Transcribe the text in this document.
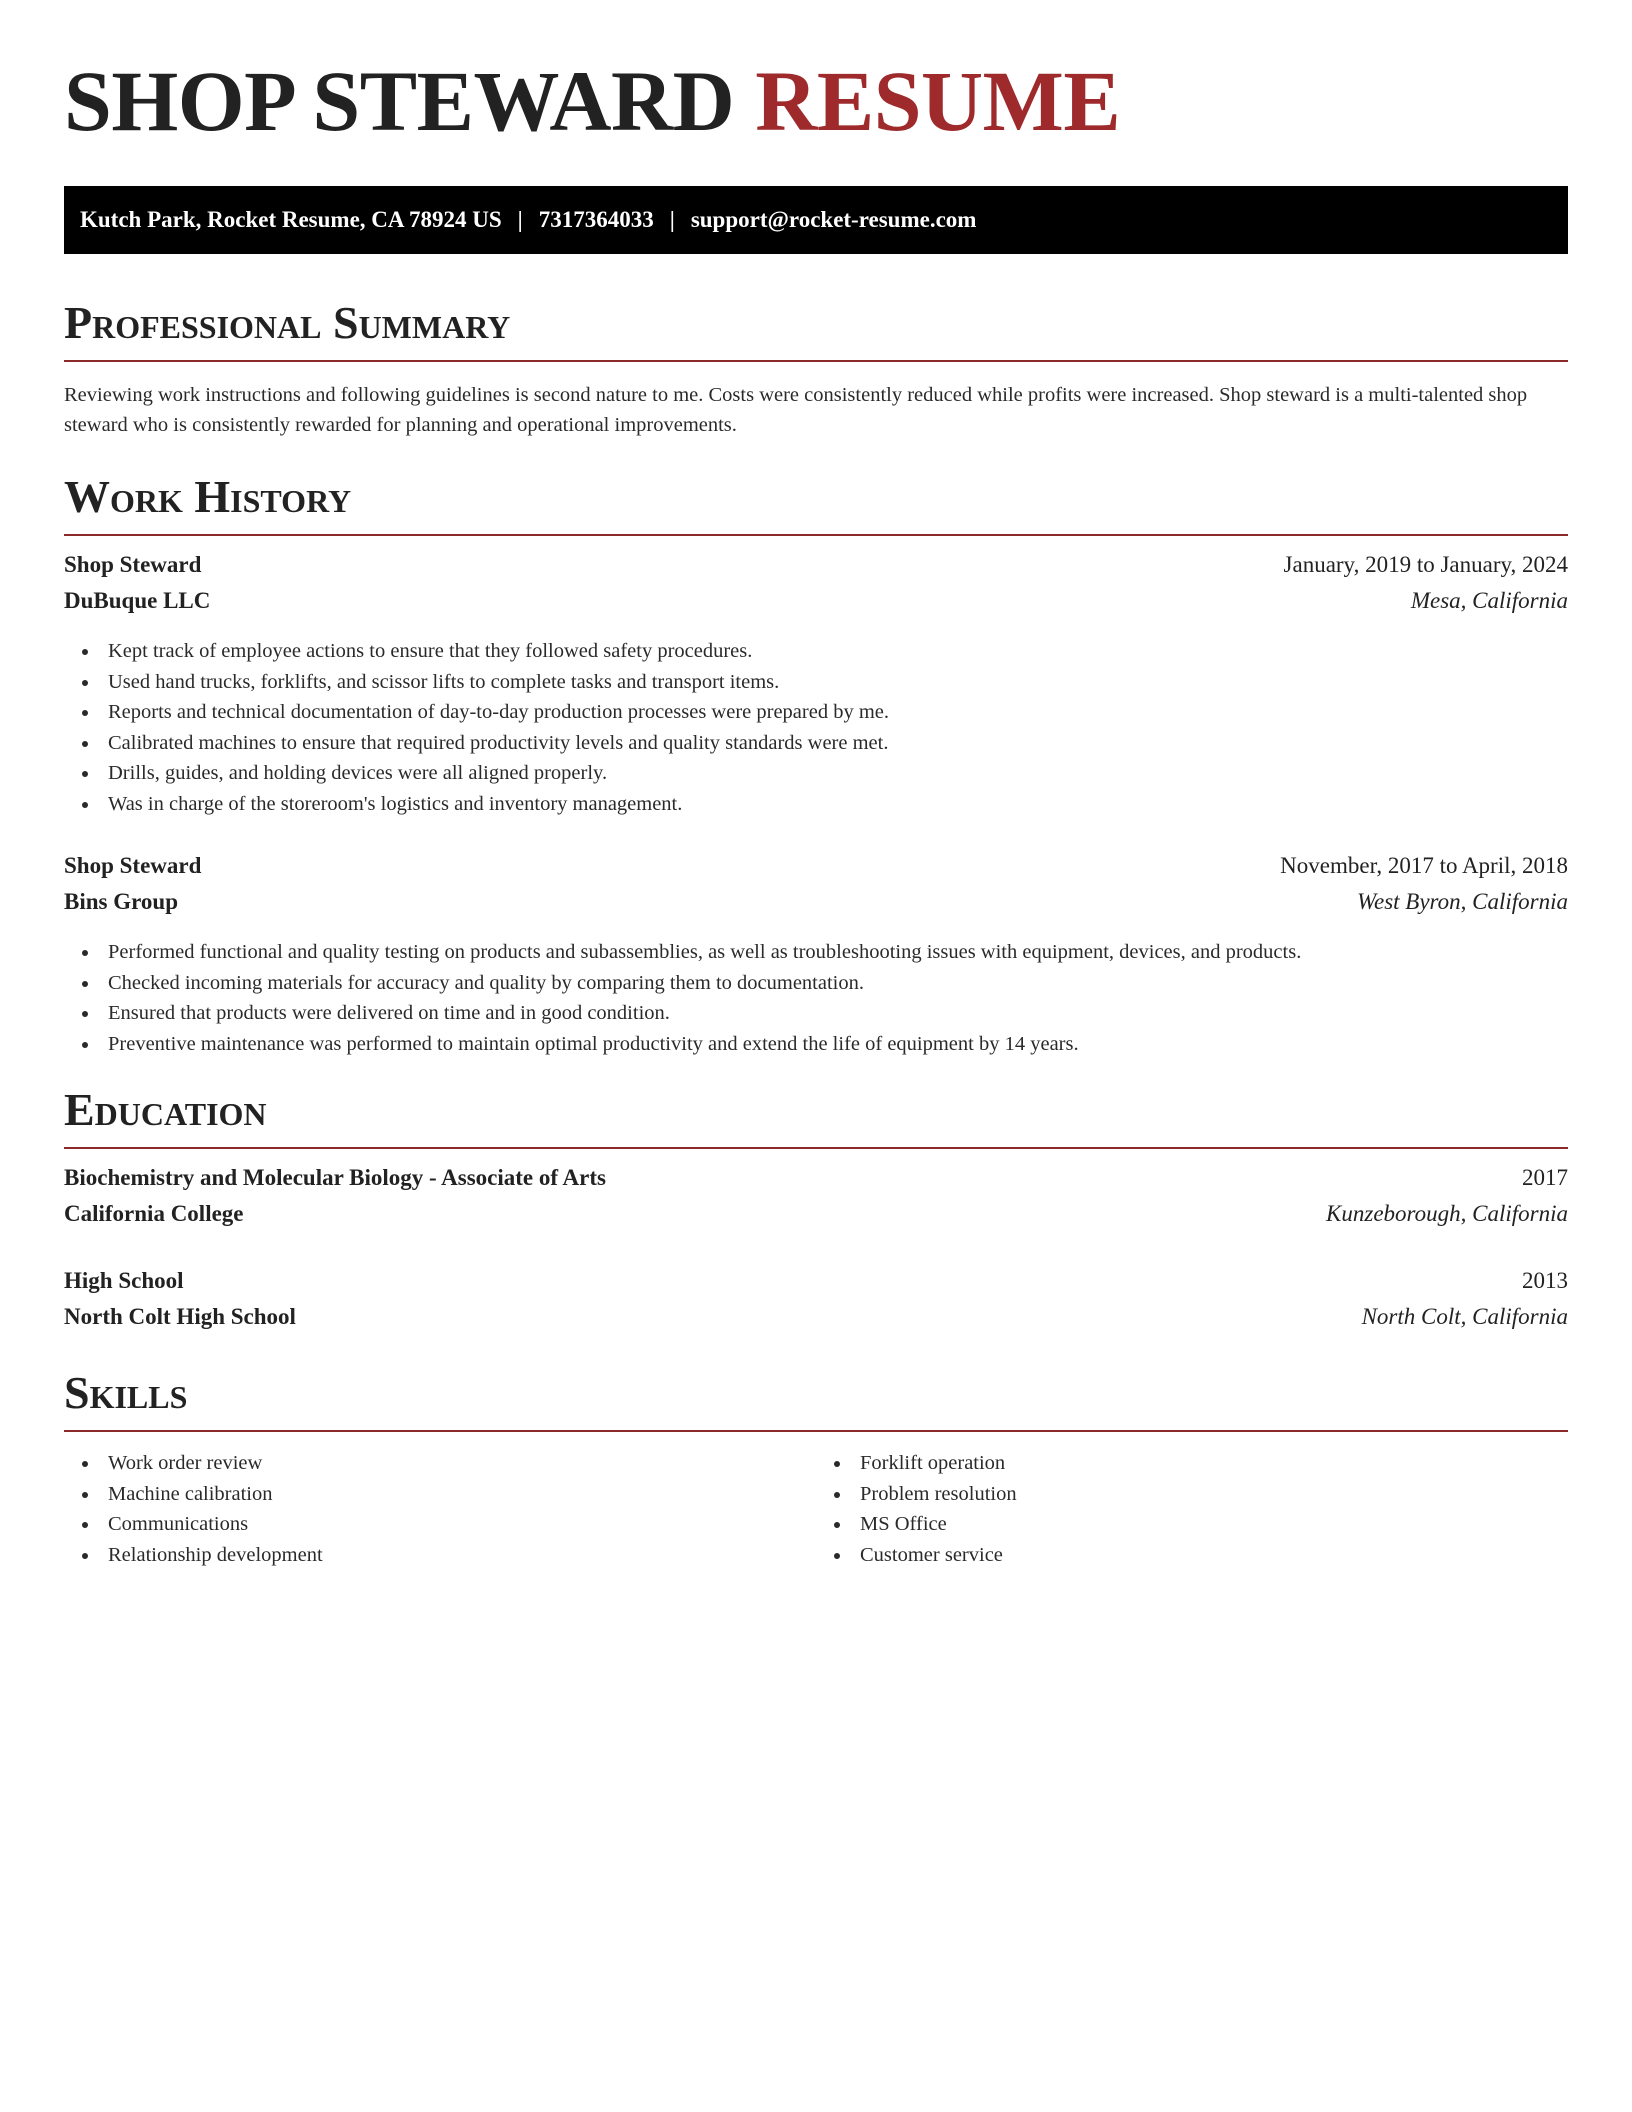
SHOP STEWARD RESUME
Kutch Park, Rocket Resume, CA 78924 US | 7317364033 | support@rocket-resume.com
Professional Summary

Reviewing work instructions and following guidelines is second nature to me. Costs were consistently reduced while profits were increased. Shop steward is a multi-talented shop steward who is consistently rewarded for planning and operational improvements.

Work History
Shop Steward	January, 2019 to January, 2024
DuBuque LLC	Mesa, California
Kept track of employee actions to ensure that they followed safety procedures.
Used hand trucks, forklifts, and scissor lifts to complete tasks and transport items.
Reports and technical documentation of day-to-day production processes were prepared by me.
Calibrated machines to ensure that required productivity levels and quality standards were met.
Drills, guides, and holding devices were all aligned properly.
Was in charge of the storeroom's logistics and inventory management.
Shop Steward	November, 2017 to April, 2018
Bins Group	West Byron, California
Performed functional and quality testing on products and subassemblies, as well as troubleshooting issues with equipment, devices, and products.
Checked incoming materials for accuracy and quality by comparing them to documentation.
Ensured that products were delivered on time and in good condition.
Preventive maintenance was performed to maintain optimal productivity and extend the life of equipment by 14 years.
Education
Biochemistry and Molecular Biology - Associate of Arts	2017
California College	Kunzeborough, California
High School	2013
North Colt High School	North Colt, California
Skills
Work order review
Machine calibration
Communications
Relationship development
Forklift operation
Problem resolution
MS Office
Customer service
